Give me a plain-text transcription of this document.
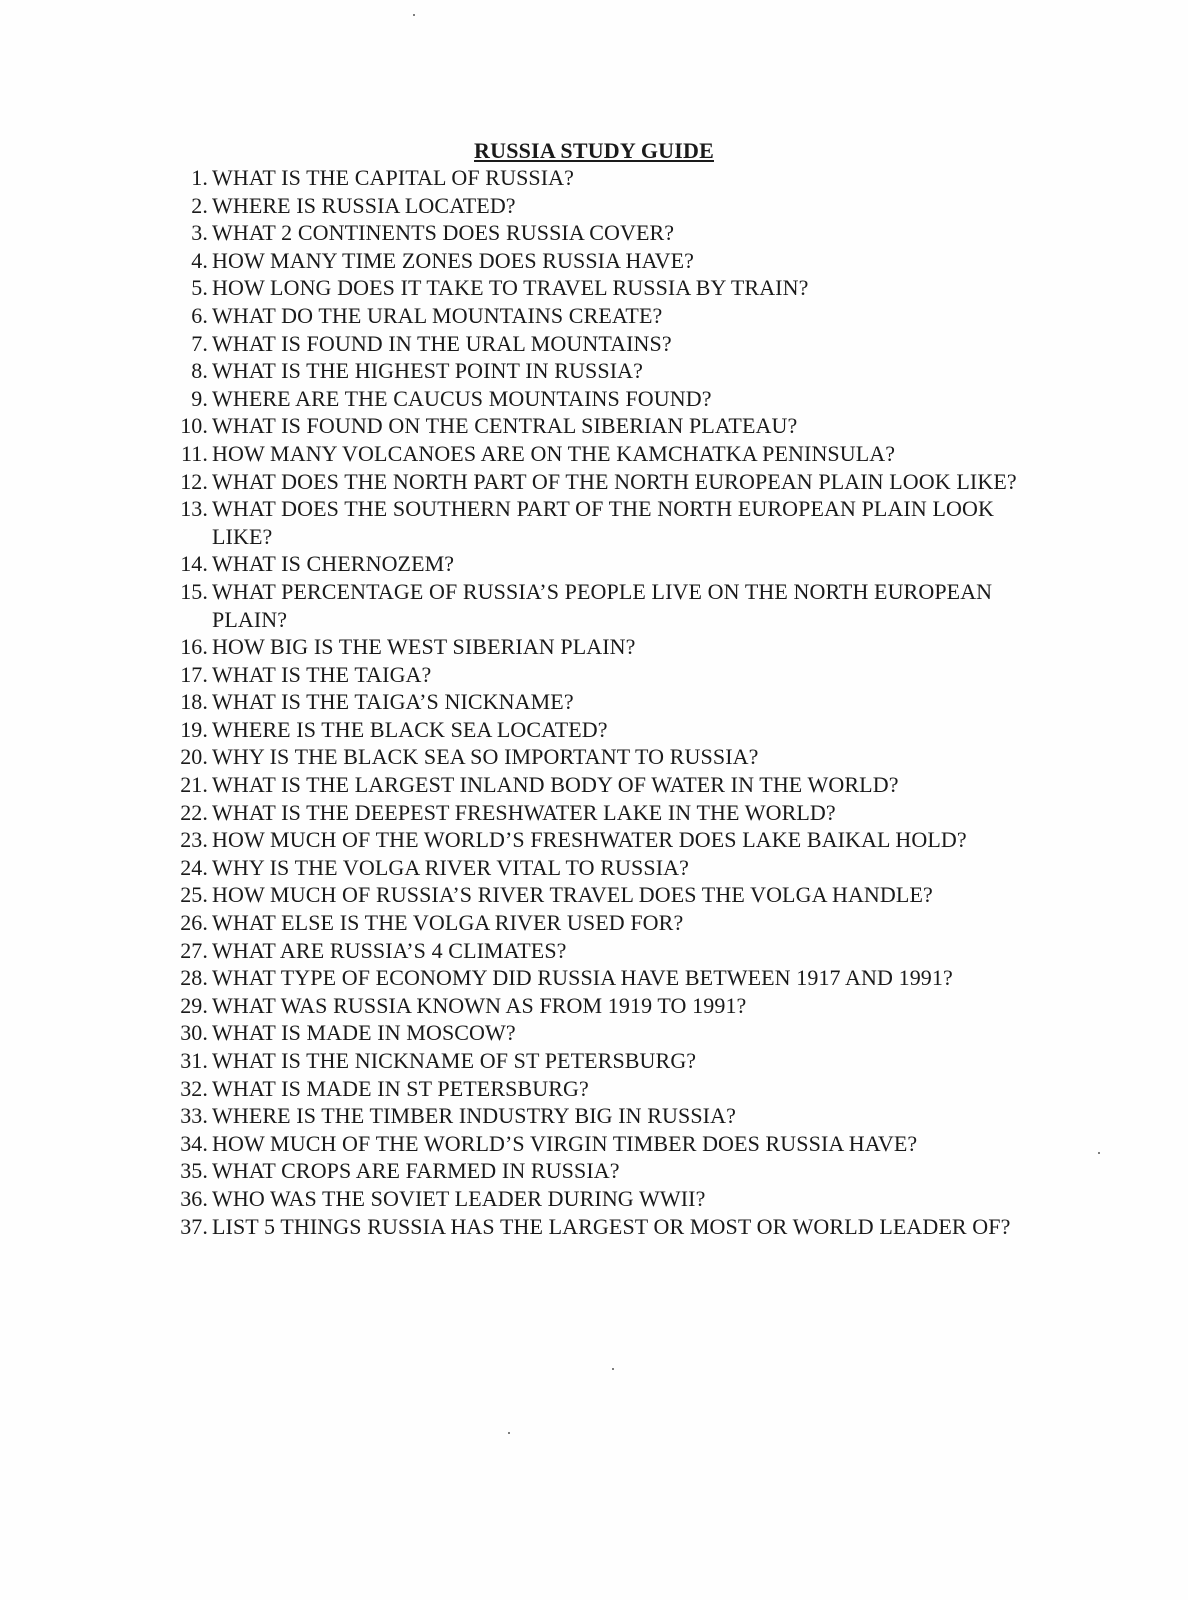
RUSSIA STUDY GUIDE
1. WHAT IS THE CAPITAL OF RUSSIA?
2. WHERE IS RUSSIA LOCATED?
3. WHAT 2 CONTINENTS DOES RUSSIA COVER?
4. HOW MANY TIME ZONES DOES RUSSIA HAVE?
5. HOW LONG DOES IT TAKE TO TRAVEL RUSSIA BY TRAIN?
6. WHAT DO THE URAL MOUNTAINS CREATE?
7. WHAT IS FOUND IN THE URAL MOUNTAINS?
8. WHAT IS THE HIGHEST POINT IN RUSSIA?
9. WHERE ARE THE CAUCUS MOUNTAINS FOUND?
10. WHAT IS FOUND ON THE CENTRAL SIBERIAN PLATEAU?
11. HOW MANY VOLCANOES ARE ON THE KAMCHATKA PENINSULA?
12. WHAT DOES THE NORTH PART OF THE NORTH EUROPEAN PLAIN LOOK LIKE?
13. WHAT DOES THE SOUTHERN PART OF THE NORTH EUROPEAN PLAIN LOOK LIKE?
14. WHAT IS CHERNOZEM?
15. WHAT PERCENTAGE OF RUSSIA’S PEOPLE LIVE ON THE NORTH EUROPEAN PLAIN?
16. HOW BIG IS THE WEST SIBERIAN PLAIN?
17. WHAT IS THE TAIGA?
18. WHAT IS THE TAIGA’S NICKNAME?
19. WHERE IS THE BLACK SEA LOCATED?
20. WHY IS THE BLACK SEA SO IMPORTANT TO RUSSIA?
21. WHAT IS THE LARGEST INLAND BODY OF WATER IN THE WORLD?
22. WHAT IS THE DEEPEST FRESHWATER LAKE IN THE WORLD?
23. HOW MUCH OF THE WORLD’S FRESHWATER DOES LAKE BAIKAL HOLD?
24. WHY IS THE VOLGA RIVER VITAL TO RUSSIA?
25. HOW MUCH OF RUSSIA’S RIVER TRAVEL DOES THE VOLGA HANDLE?
26. WHAT ELSE IS THE VOLGA RIVER USED FOR?
27. WHAT ARE RUSSIA’S 4 CLIMATES?
28. WHAT TYPE OF ECONOMY DID RUSSIA HAVE BETWEEN 1917 AND 1991?
29. WHAT WAS RUSSIA KNOWN AS FROM 1919 TO 1991?
30. WHAT IS MADE IN MOSCOW?
31. WHAT IS THE NICKNAME OF ST PETERSBURG?
32. WHAT IS MADE IN ST PETERSBURG?
33. WHERE IS THE TIMBER INDUSTRY BIG IN RUSSIA?
34. HOW MUCH OF THE WORLD’S VIRGIN TIMBER DOES RUSSIA HAVE?
35. WHAT CROPS ARE FARMED IN RUSSIA?
36. WHO WAS THE SOVIET LEADER DURING WWII?
37. LIST 5 THINGS RUSSIA HAS THE LARGEST OR MOST OR WORLD LEADER OF?
